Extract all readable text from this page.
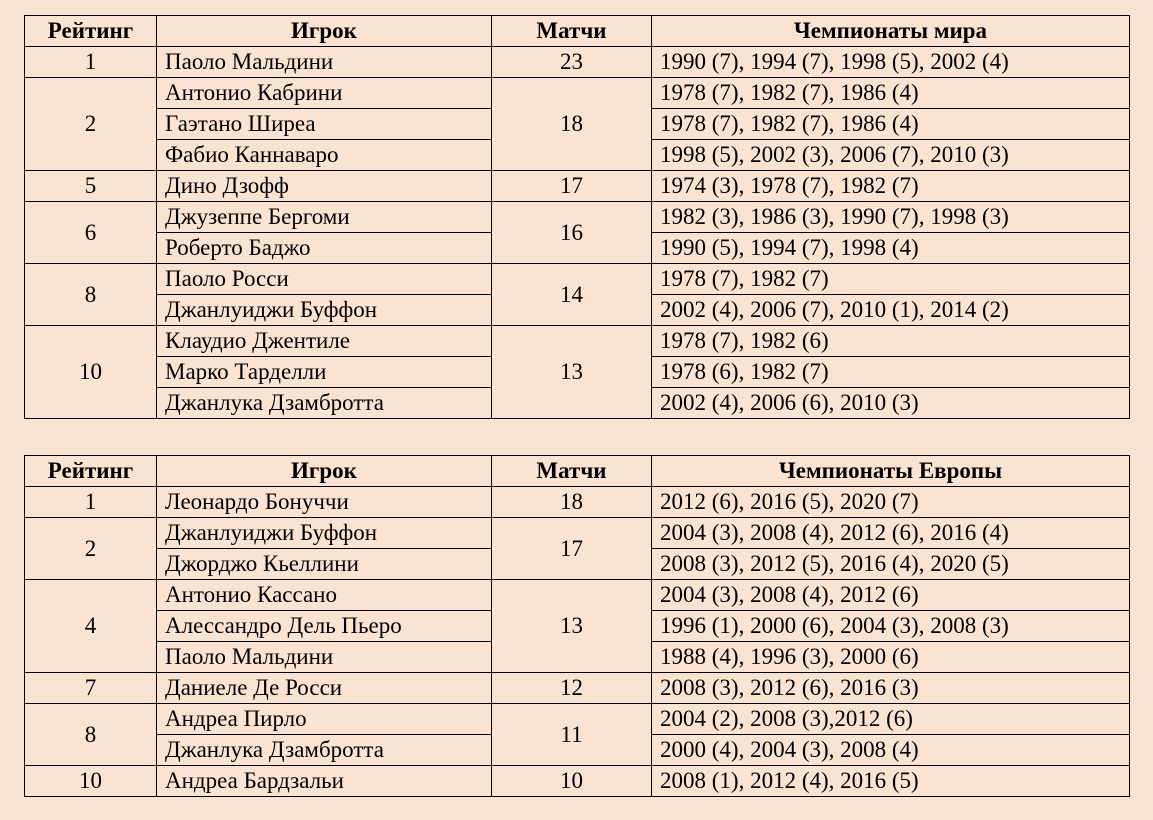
Рейтинг	Игрок	Матчи	Чемпионаты мира
1	Паоло Мальдини	23	1990 (7), 1994 (7), 1998 (5), 2002 (4)
2	Антонио Кабрини	18	1978 (7), 1982 (7), 1986 (4)
	Гаэтано Ширеа		1978 (7), 1982 (7), 1986 (4)
	Фабио Каннаваро		1998 (5), 2002 (3), 2006 (7), 2010 (3)
5	Дино Дзофф	17	1974 (3), 1978 (7), 1982 (7)
6	Джузеппе Бергоми	16	1982 (3), 1986 (3), 1990 (7), 1998 (3)
	Роберто Баджо		1990 (5), 1994 (7), 1998 (4)
8	Паоло Росси	14	1978 (7), 1982 (7)
	Джанлуиджи Буффон		2002 (4), 2006 (7), 2010 (1), 2014 (2)
10	Клаудио Джентиле	13	1978 (7), 1982 (6)
	Марко Тарделли		1978 (6), 1982 (7)
	Джанлука Дзамбротта		2002 (4), 2006 (6), 2010 (3)
Рейтинг	Игрок	Матчи	Чемпионаты Европы
1	Леонардо Бонуччи	18	2012 (6), 2016 (5), 2020 (7)
2	Джанлуиджи Буффон	17	2004 (3), 2008 (4), 2012 (6), 2016 (4)
	Джорджо Кьеллини		2008 (3), 2012 (5), 2016 (4), 2020 (5)
4	Антонио Кассано	13	2004 (3), 2008 (4), 2012 (6)
	Алессандро Дель Пьеро		1996 (1), 2000 (6), 2004 (3), 2008 (3)
	Паоло Мальдини		1988 (4), 1996 (3), 2000 (6)
7	Даниеле Де Росси	12	2008 (3), 2012 (6), 2016 (3)
8	Андреа Пирло	11	2004 (2), 2008 (3),2012 (6)
	Джанлука Дзамбротта		2000 (4), 2004 (3), 2008 (4)
10	Андреа Бардзальи	10	2008 (1), 2012 (4), 2016 (5)
